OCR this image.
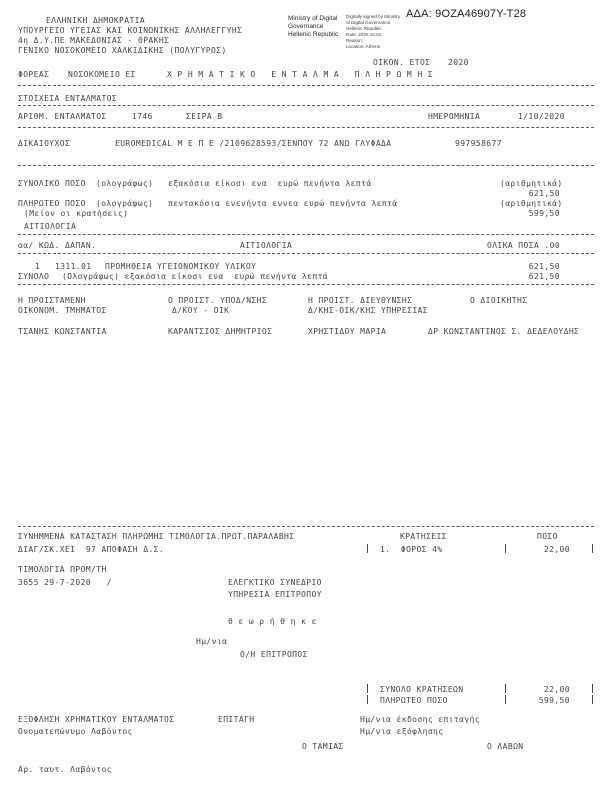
ΑΔΑ: 9ΟΖΑ46907Υ-Τ28
ΕΛΛΗΝΙΚΗ ΔΗΜΟΚΡΑΤΙΑ
ΥΠΟΥΡΓΕΙΟ ΥΓΕΙΑΣ ΚΑΙ ΚΟΙΝΩΝΙΚΗΣ ΑΛΛΗΛΕΓΓΥΗΣ
4η Δ.Υ.ΠΕ ΜΑΚΕΔΟΝΙΑΣ - ΘΡΑΚΗΣ
ΓΕΝΙΚΟ ΝΟΣΟΚΟΜΕΙΟ ΧΑΛΚΙΔΙΚΗΣ (ΠΟΛΥΓΥΡΟΣ)
Ministry of Digital
Governance
Hellenic Republic
Digitally signed by Ministry
of Digital Governance,
Hellenic Republic
Date: 2020.10.01
Reason:
Location: Athens
ΟΙΚΟΝ. ΕΤΟΣ 2020
ΦΟΡΕΑΣ ΝΟΣΟΚΟΜΕΙΟ ΕΣ	Χ Ρ Η Μ Α Τ Ι Κ Ο   Ε Ν Τ Α Λ Μ Α   Π Λ Η Ρ Ω Μ Η Σ
ΣΤΟΙΧΕΙΑ ΕΝΤΑΛΜΑΤΟΣ
ΑΡΙΘΜ. ΕΝΤΑΛΜΑΤΟΣ	1746	ΣΕΙΡΑ Β	ΗΜΕΡΟΜΗΝΙΑ	1/10/2020
ΔΙΚΑΙΟΥΧΟΣ	EUROMEDICAL Μ Ε Π Ε /2109628593/ΣΕΝΠΟΥ 72 ΑΝΩ ΓΛΥΦΑΔΑ	997958677
ΣΥΝΟΛΙΚΟ ΠΟΣΟ (ολογράφως) εξακόσια είκοσι ενα  ευρώ πενήντα λεπτά	(αριθμητικά)
621,50
ΠΛΗΡΩΤΕΟ ΠΟΣΟ (ολογράφως) πεντακόσια ενενήντα εννεα ευρώ πενήντα λεπτά	(αριθμητικά)
(Μείον οι κρατήσεις)	599,50
ΑΙΤΙΟΛΟΓΙΑ
αα/ ΚΩΔ. ΔΑΠΑΝ.	ΑΙΤΙΟΛΟΓΙΑ	ΟΛΙΚΑ ΠΟΣΑ .00
1 1311.01 ΠΡΟΜΗΘΕΙΑ ΥΓΕΙΟΝΟΜΙΚΟΥ ΥΛΙΚΟΥ	621,50
ΣΥΝΟΛΟ (Ολογράφως) εξακόσια είκοσι ενα  ευρώ πενήντα λεπτά	621,50
Η ΠΡΟΙΣΤΑΜΕΝΗ	Ο ΠΡΟΙΣΤ. ΥΠΟΔ/ΝΣΗΣ	Η ΠΡΟΙΣΤ. ΔΙΕΥΘΥΝΣΗΣ	Ο ΔΙΟΙΚΗΤΗΣ
ΟΙΚΟΝΟΜ. ΤΜΗΜΑΤΟΣ	Δ/ΚΟΥ - ΟΙΚ	Δ/ΚΗΣ-ΟΙΚ/ΚΗΣ ΥΠΗΡΕΣΙΑΣ
ΤΣΑΝΗΣ ΚΩΝΣΤΑΝΤΙΑ	ΚΑΡΑΝΤΣΙΟΣ ΔΗΜΗΤΡΙΟΣ	ΧΡΗΣΤΙΔΟΥ ΜΑΡΙΑ	ΔΡ ΚΩΝΣΤΑΝΤΙΝΟΣ Σ. ΔΕΔΕΛΟΥΔΗΣ
ΣΥΝΗΜΜΕΝΑ ΚΑΤΑΣΤΑΣΗ ΠΛΗΡΩΜΗΣ ΤΙΜΟΛΟΓΙΑ.ΠΡΩΤ.ΠΑΡΑΛΑΒΗΣ	ΚΡΑΤΗΣΕΙΣ	ΠΟΣΟ
ΔΙΑΓ/ΣΚ.ΧΕΙ  97 ΑΠΟΦΑΣΗ Δ.Σ.	1.  ΦΟΡΟΣ 4%	22,00
ΤΙΜΟΛΟΓΙΑ ΠΡΟΜ/ΤΗ
3655 29-7-2020   /	ΕΛΕΓΚΤΙΚΟ ΣΥΝΕΔΡΙΟ
ΥΠΗΡΕΣΙΑ ΕΠΙΤΡΟΠΟΥ
θ ε ω ρ ή θ η κ ε
Ημ/νια
Ο/Η ΕΠΙΤΡΟΠΟΣ
ΣΥΝΟΛΟ ΚΡΑΤΗΣΕΩΝ	22,00
ΠΛΗΡΩΤΕΟ ΠΟΣΟ	599,50
ΕΞΟΦΛΗΣΗ ΧΡΗΜΑΤΙΚΟΥ ΕΝΤΑΛΜΑΤΟΣ	ΕΠΙΤΑΓΗ	Ημ/νια έκδοσης επιταγής
Ονοματεπώνυμο Λαβόντος	Ημ/νια εξόφλησης
Ο ΤΑΜΙΑΣ	Ο ΛΑΒΩΝ
Αρ. ταυτ. Λαβόντος
